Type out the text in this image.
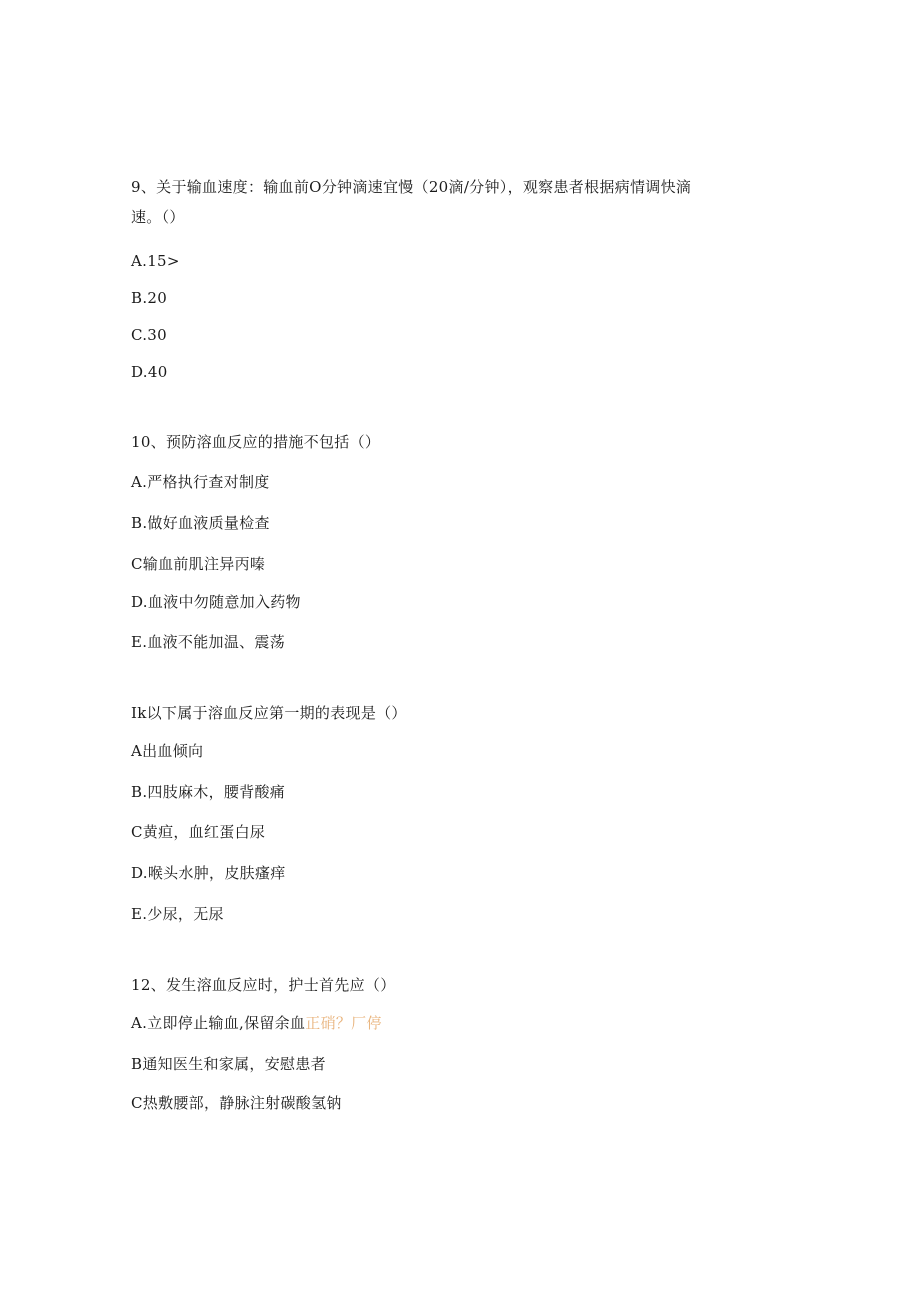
9、关于输血速度：输血前O分钟滴速宜慢（20滴/分钟），观察患者根据病情调快滴
速。（）
A.15>
B.20
C.30
D.40
10、预防溶血反应的措施不包括（）
A.严格执行查对制度
B.做好血液质量检查
C输血前肌注异丙嗪
D.血液中勿随意加入药物
E.血液不能加温、震荡
Ik以下属于溶血反应第一期的表现是（）
A出血倾向
B.四肢麻木，腰背酸痛
C黄疸，血红蛋白尿
D.喉头水肿，皮肤瘙痒
E.少尿，无尿
12、发生溶血反应时，护士首先应（）
A.立即停止输血,保留余血正硝？厂停
B通知医生和家属，安慰患者
C热敷腰部，静脉注射碳酸氢钠
